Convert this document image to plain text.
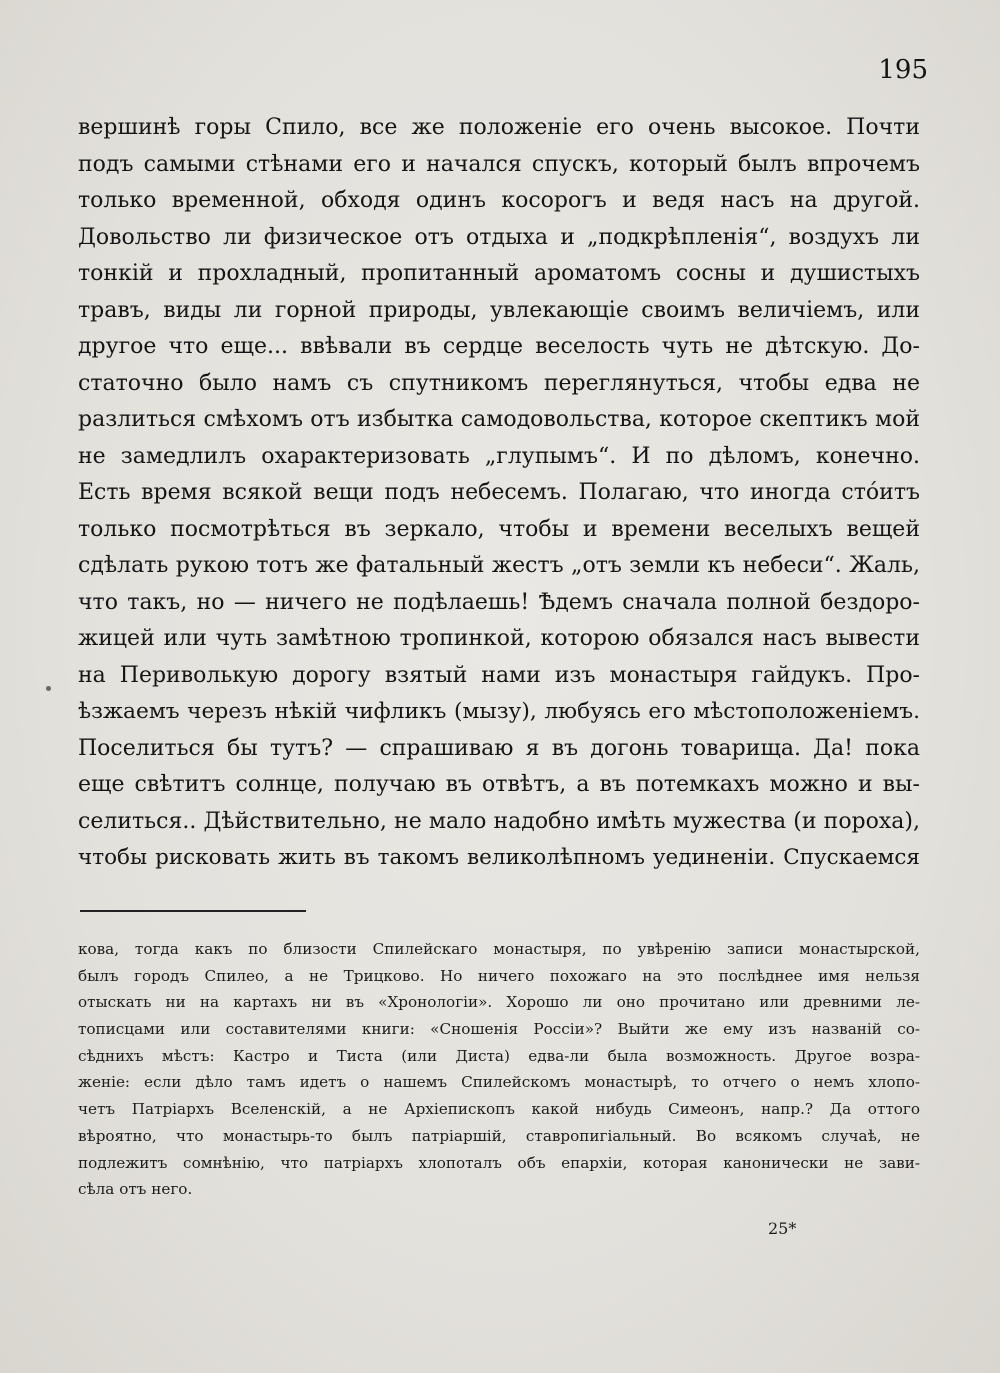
195
вершинѣ горы Спило, все же положеніе его очень высокое. Почти
подъ самыми стѣнами его и начался спускъ, который былъ впрочемъ
только временной, обходя одинъ косорогъ и ведя насъ на другой.
Довольство ли физическое отъ отдыха и „подкрѣпленія“, воздухъ ли
тонкій и прохладный, пропитанный ароматомъ сосны и душистыхъ
травъ, виды ли горной природы, увлекающіе своимъ величіемъ, или
другое что еще... ввѣвали въ сердце веселость чуть не дѣтскую. До-
статочно было намъ съ спутникомъ переглянуться, чтобы едва не
разлиться смѣхомъ отъ избытка самодовольства, которое скептикъ мой
не замедлилъ охарактеризовать „глупымъ“. И по дѣломъ, конечно.
Есть время всякой вещи подъ небесемъ. Полагаю, что иногда стóитъ
только посмотрѣться въ зеркало, чтобы и времени веселыхъ вещей
сдѣлать рукою тотъ же фатальный жестъ „отъ земли къ небеси“. Жаль,
что такъ, но — ничего не подѣлаешь! Ѣдемъ сначала полной бездоро-
жицей или чуть замѣтною тропинкой, которою обязался насъ вывести
на Периволькую дорогу взятый нами изъ монастыря гайдукъ. Про-
ѣзжаемъ черезъ нѣкій чифликъ (мызу), любуясь его мѣстоположеніемъ.
Поселиться бы тутъ? — спрашиваю я въ догонь товарища. Да! пока
еще свѣтитъ солнце, получаю въ отвѣтъ, а въ потемкахъ можно и вы-
селиться.. Дѣйствительно, не мало надобно имѣть мужества (и пороха),
чтобы рисковать жить въ такомъ великолѣпномъ уединеніи. Спускаемся
кова, тогда какъ по близости Спилейскаго монастыря, по увѣренію записи монастырской,
былъ городъ Спилео, а не Трицково. Но ничего похожаго на это послѣднее имя нельзя
отыскать ни на картахъ ни въ «Хронологіи». Хорошо ли оно прочитано или древними ле-
тописцами или составителями книги: «Сношенія Россіи»? Выйти же ему изъ названій со-
сѣднихъ мѣстъ: Кастро и Тиста (или Диста) едва-ли была возможность. Другое возра-
женіе: если дѣло тамъ идетъ о нашемъ Спилейскомъ монастырѣ, то отчего о немъ хлопо-
четъ Патріархъ Вселенскій, а не Архіепископъ какой нибудь Симеонъ, напр.? Да оттого
вѣроятно, что монастырь-то былъ патріаршій, ставропигіальный. Во всякомъ случаѣ, не
подлежитъ сомнѣнію, что патріархъ хлопоталъ объ епархіи, которая канонически не зави-
сѣла отъ него.
25*
